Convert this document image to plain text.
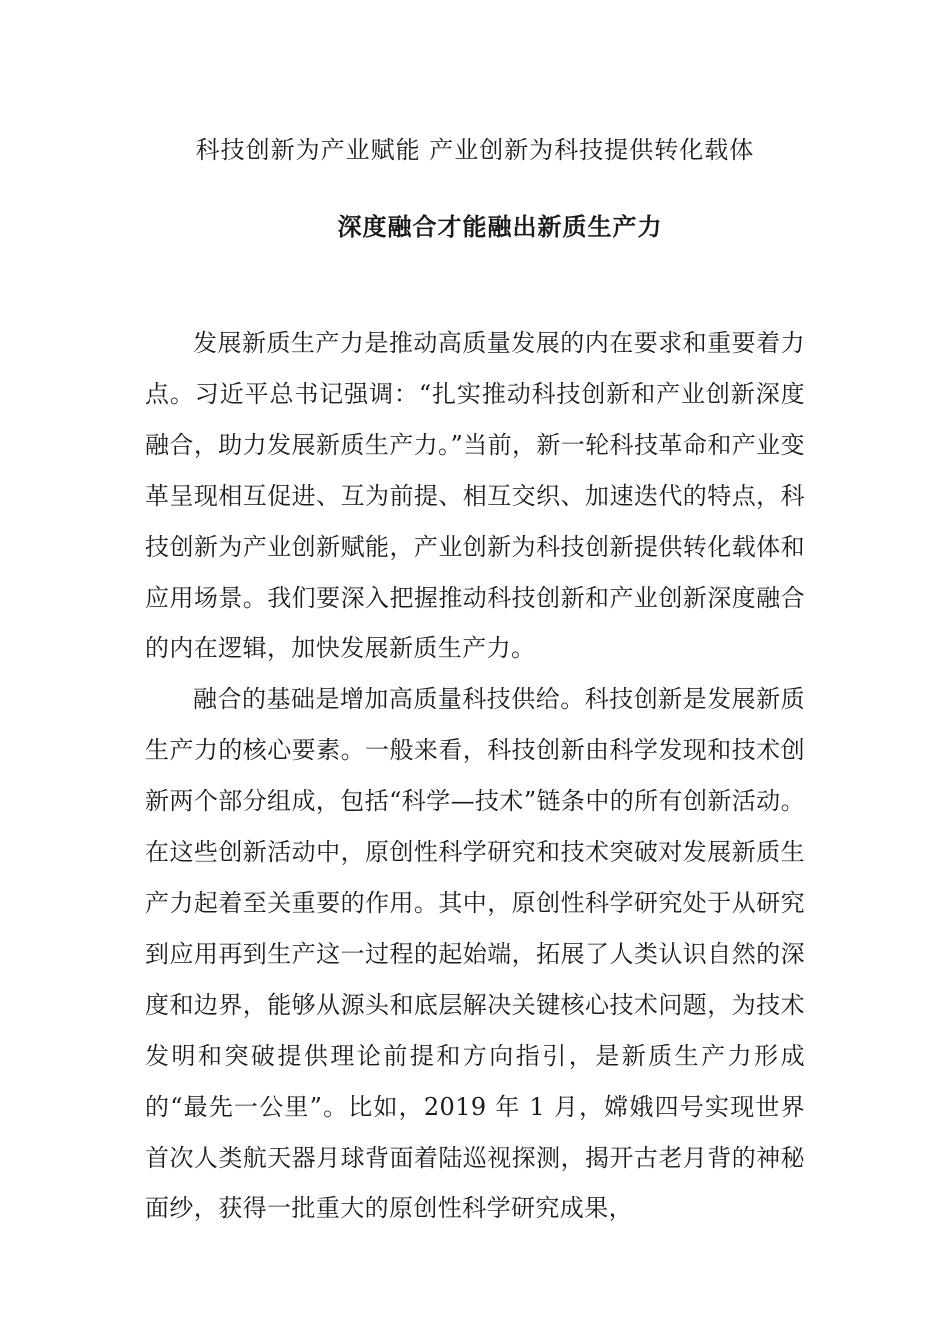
科技创新为产业赋能 产业创新为科技提供转化载体
深度融合才能融出新质生产力

发展新质生产力是推动高质量发展的内在要求和重要着力点。习近平总书记强调：“扎实推动科技创新和产业创新深度融合，助力发展新质生产力。”当前，新一轮科技革命和产业变革呈现相互促进、互为前提、相互交织、加速迭代的特点，科技创新为产业创新赋能，产业创新为科技创新提供转化载体和应用场景。我们要深入把握推动科技创新和产业创新深度融合的内在逻辑，加快发展新质生产力。

融合的基础是增加高质量科技供给。科技创新是发展新质生产力的核心要素。一般来看，科技创新由科学发现和技术创新两个部分组成，包括“科学—技术”链条中的所有创新活动。在这些创新活动中，原创性科学研究和技术突破对发展新质生产力起着至关重要的作用。其中，原创性科学研究处于从研究到应用再到生产这一过程的起始端，拓展了人类认识自然的深度和边界，能够从源头和底层解决关键核心技术问题，为技术发明和突破提供理论前提和方向指引，是新质生产力形成的“最先一公里”。比如，2019 年 1 月，嫦娥四号实现世界首次人类航天器月球背面着陆巡视探测，揭开古老月背的神秘面纱，获得一批重大的原创性科学研究成果，
